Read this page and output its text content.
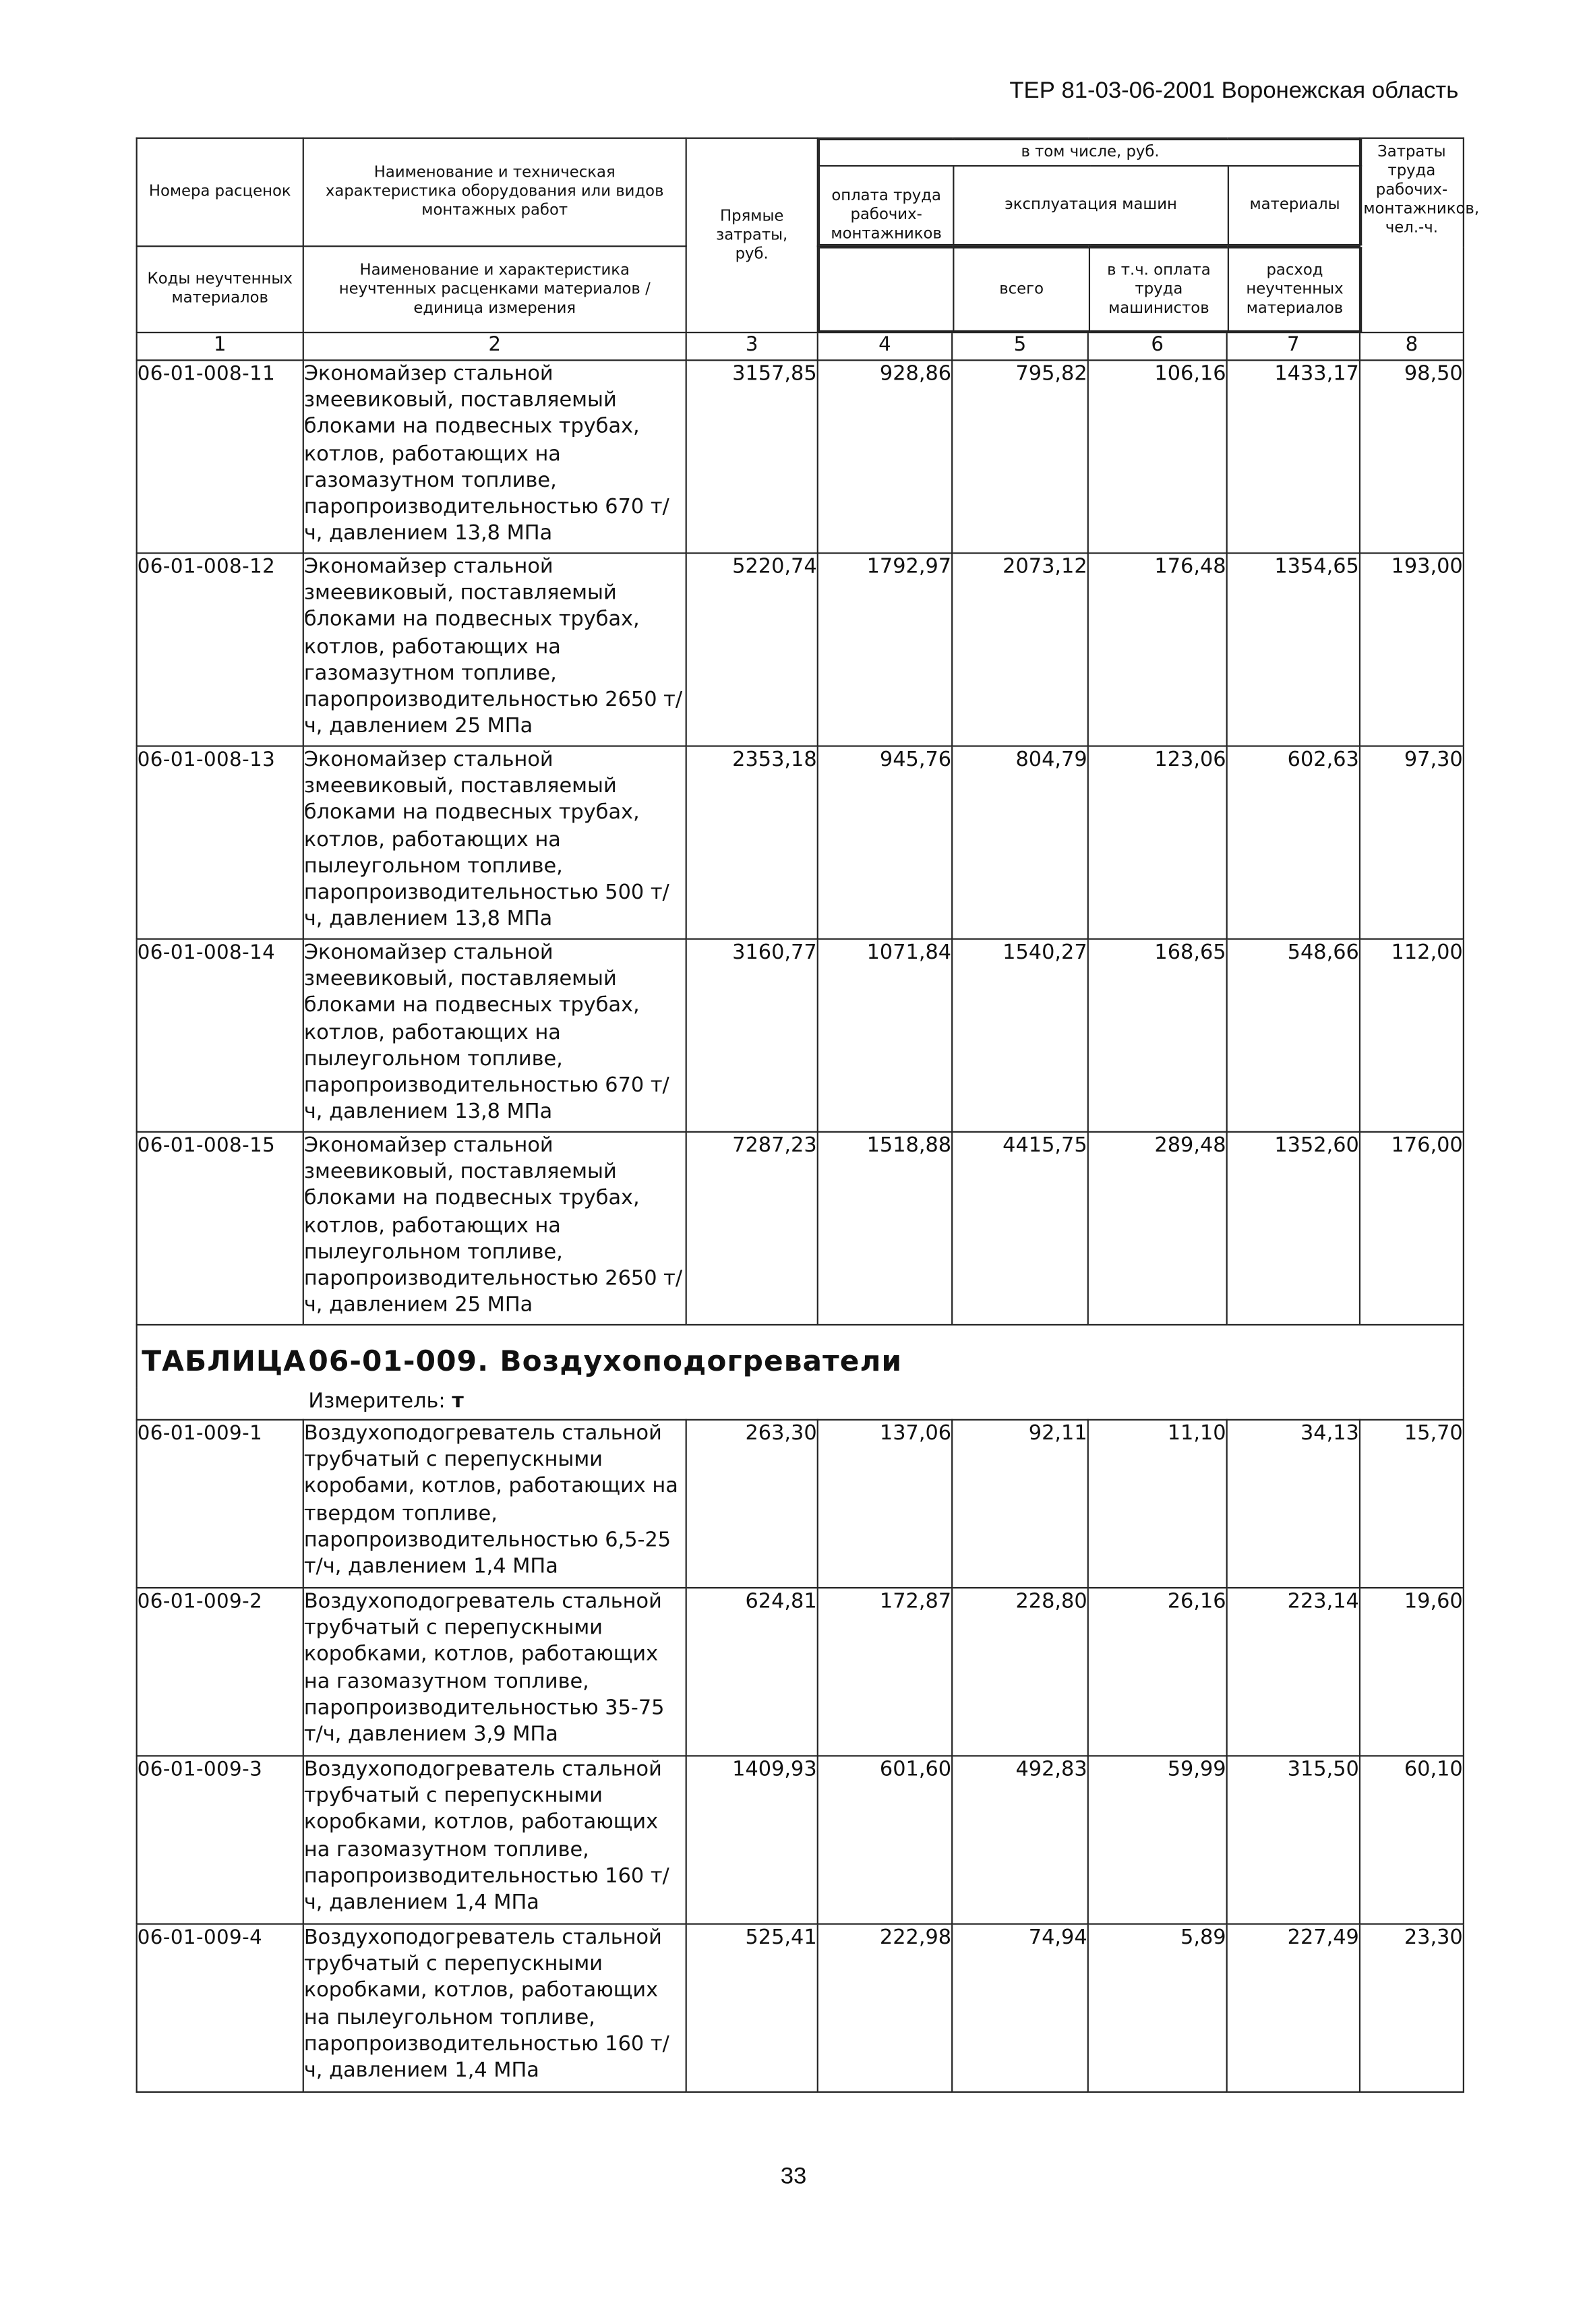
ТЕР 81-03-06-2001 Воронежская область
Номера расценок	Наименование и техническая характеристика оборудования или видов монтажных работ	Прямые затраты, руб.	
в том числе, руб.
оплата труда рабочих-монтажников	эксплуатация машин	материалы
	Затраты труда рабочих-монтажников, чел.-ч.
Коды неучтенных материалов	Наименование и характеристика неучтенных расценками материалов / единица измерения	
	всего	в т.ч. оплата труда машинистов	расход неучтенных материалов

1	2	3	4	5	6	7	8
06-01-008-11	Экономайзер стальной змеевиковый, поставляемый блоками на подвесных трубах, котлов, работающих на газомазутном топливе, паропроизводительностью 670 т/ч, давлением 13,8 МПа	3157,85	928,86	795,82	106,16	1433,17	98,50
06-01-008-12	Экономайзер стальной змеевиковый, поставляемый блоками на подвесных трубах, котлов, работающих на газомазутном топливе, паропроизводительностью 2650 т/ч, давлением 25 МПа	5220,74	1792,97	2073,12	176,48	1354,65	193,00
06-01-008-13	Экономайзер стальной змеевиковый, поставляемый блоками на подвесных трубах, котлов, работающих на пылеугольном топливе, паропроизводительностью 500 т/ч, давлением 13,8 МПа	2353,18	945,76	804,79	123,06	602,63	97,30
06-01-008-14	Экономайзер стальной змеевиковый, поставляемый блоками на подвесных трубах, котлов, работающих на пылеугольном топливе, паропроизводительностью 670 т/ч, давлением 13,8 МПа	3160,77	1071,84	1540,27	168,65	548,66	112,00
06-01-008-15	Экономайзер стальной змеевиковый, поставляемый блоками на подвесных трубах, котлов, работающих на пылеугольном топливе, паропроизводительностью 2650 т/ч, давлением 25 МПа	7287,23	1518,88	4415,75	289,48	1352,60	176,00

ТАБЛИЦА 06-01-009. Воздухоподогреватели

Измеритель: т

06-01-009-1	Воздухоподогреватель стальной трубчатый с перепускными коробами, котлов, работающих на твердом топливе, паропроизводительностью 6,5-25 т/ч, давлением 1,4 МПа	263,30	137,06	92,11	11,10	34,13	15,70
06-01-009-2	Воздухоподогреватель стальной трубчатый с перепускными коробками, котлов, работающих на газомазутном топливе, паропроизводительностью 35-75 т/ч, давлением 3,9 МПа	624,81	172,87	228,80	26,16	223,14	19,60
06-01-009-3	Воздухоподогреватель стальной трубчатый с перепускными коробками, котлов, работающих на газомазутном топливе, паропроизводительностью 160 т/ч, давлением 1,4 МПа	1409,93	601,60	492,83	59,99	315,50	60,10
06-01-009-4	Воздухоподогреватель стальной трубчатый с перепускными коробками, котлов, работающих на пылеугольном топливе, паропроизводительностью 160 т/ч, давлением 1,4 МПа	525,41	222,98	74,94	5,89	227,49	23,30
33
